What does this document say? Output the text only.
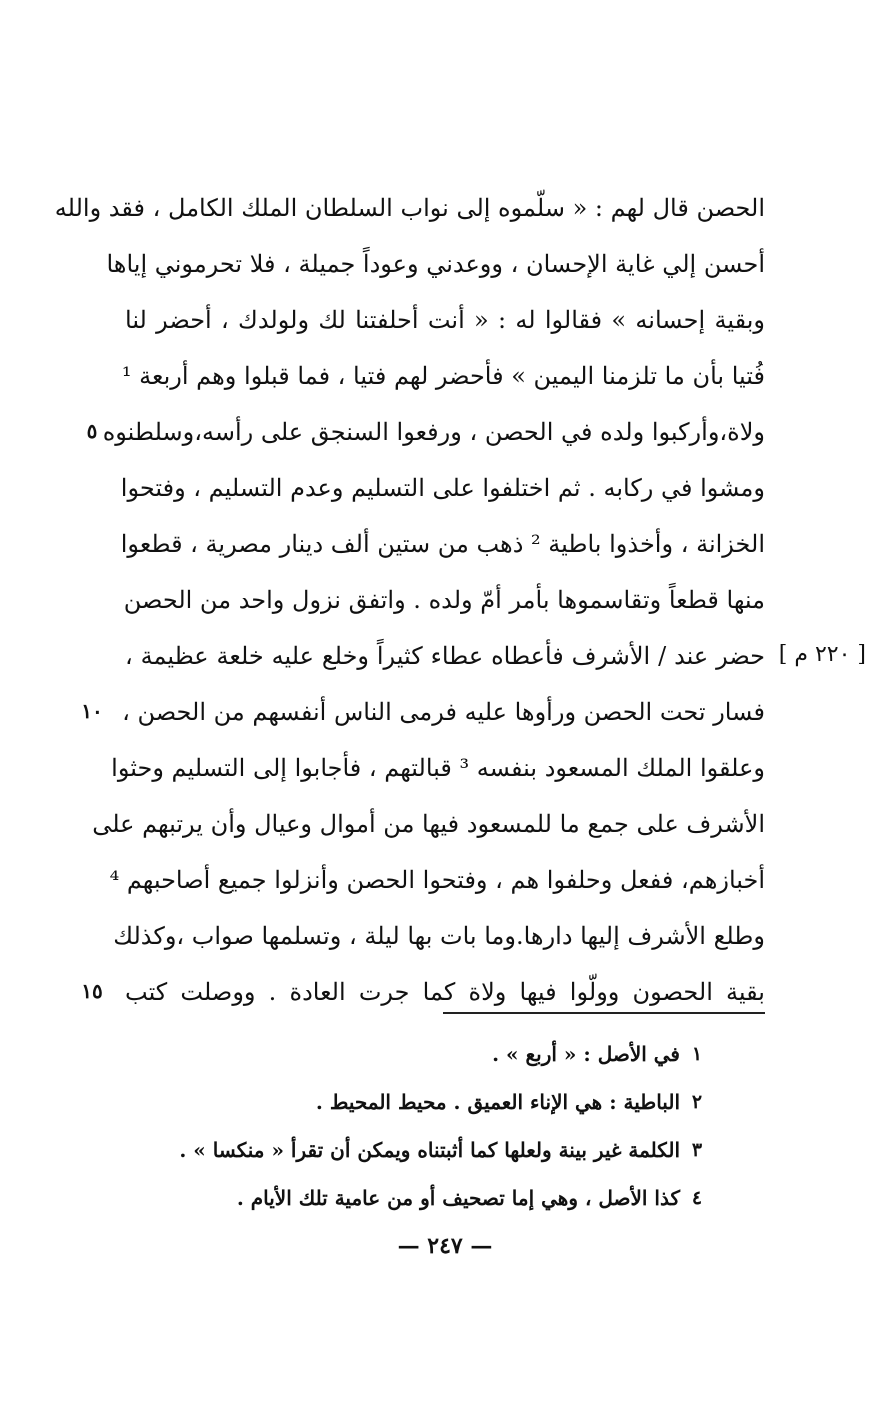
الحصن قال لهم : « سلّموه إلى نواب السلطان الملك الكامل ، فقد والله
أحسن إلي غاية الإحسان ، ووعدني وعوداً جميلة ، فلا تحرموني إياها
وبقية إحسانه » فقالوا له : « أنت أحلفتنا لك ولولدك ، أحضر لنا
فُتيا بأن ما تلزمنا اليمين » فأحضر لهم فتيا ، فما قبلوا وهم أربعة ¹
ولاة،وأركبوا ولده في الحصن ، ورفعوا السنجق على رأسه،وسلطنوه
ومشوا في ركابه . ثم اختلفوا على التسليم وعدم التسليم ، وفتحوا
الخزانة ، وأخذوا باطية ² ذهب من ستين ألف دينار مصرية ، قطعوا
منها قطعاً وتقاسموها بأمر أمّ ولده . واتفق نزول واحد من الحصن
حضر عند / الأشرف فأعطاه عطاء كثيراً وخلع عليه خلعة عظيمة ،
فسار تحت الحصن ورأوها عليه فرمى الناس أنفسهم من الحصن ،
وعلقوا الملك المسعود بنفسه ³ قبالتهم ، فأجابوا إلى التسليم وحثوا
الأشرف على جمع ما للمسعود فيها من أموال وعيال وأن يرتبهم على
أخبازهم، ففعل وحلفوا هم ، وفتحوا الحصن وأنزلوا جميع أصاحبهم ⁴
وطلع الأشرف إليها دارها.وما بات بها ليلة ، وتسلمها صواب ،وكذلك
بقية الحصون وولّوا فيها ولاة كما جرت العادة . ووصلت كتب
٥
١٠
١٥
[ ٢٢٠ م ]
١
في الأصل : « أربع » .
٢
الباطية : هي الإناء العميق . محيط المحيط .
٣
الكلمة غير بينة ولعلها كما أثبتناه ويمكن أن تقرأ « منكسا » .
٤
كذا الأصل ، وهي إما تصحيف أو من عامية تلك الأيام .
— ٢٤٧ —
